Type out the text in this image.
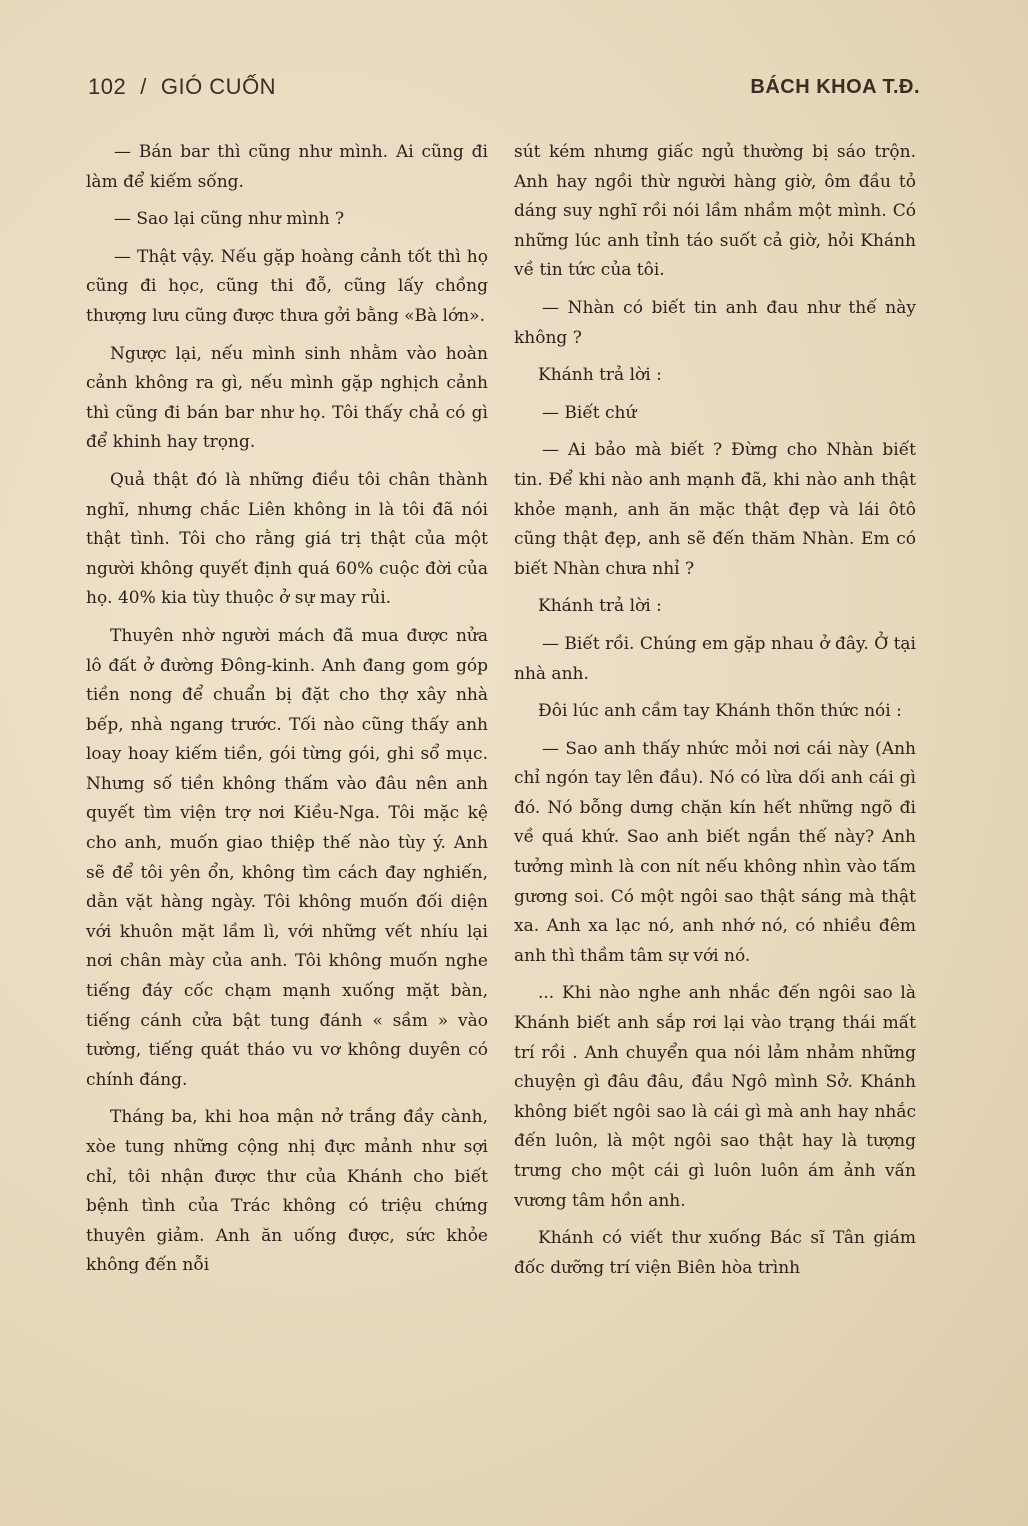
102 / GIÓ CUỐN	BÁCH KHOA T.Đ.

— Bán bar thì cũng như mình. Ai cũng đi làm để kiếm sống.

— Sao lại cũng như mình ?

— Thật vậy. Nếu gặp hoàng cảnh tốt thì họ cũng đi học, cũng thi đỗ, cũng lấy chồng thượng lưu cũng được thưa gởi bằng «Bà lớn».

Ngược lại, nếu mình sinh nhằm vào hoàn cảnh không ra gì, nếu mình gặp nghịch cảnh thì cũng đi bán bar như họ. Tôi thấy chả có gì để khinh hay trọng.

Quả thật đó là những điều tôi chân thành nghĩ, nhưng chắc Liên không in là tôi đã nói thật tình. Tôi cho rằng giá trị thật của một người không quyết định quá 60% cuộc đời của họ. 40% kia tùy thuộc ở sự may rủi.

Thuyên nhờ người mách đã mua được nửa lô đất ở đường Đông-kinh. Anh đang gom góp tiền nong để chuẩn bị đặt cho thợ xây nhà bếp, nhà ngang trước. Tối nào cũng thấy anh loay hoay kiếm tiền, gói từng gói, ghi sổ mục. Nhưng số tiền không thấm vào đâu nên anh quyết tìm viện trợ nơi Kiều-Nga. Tôi mặc kệ cho anh, muốn giao thiệp thế nào tùy ý. Anh sẽ để tôi yên ổn, không tìm cách đay nghiến, dằn vặt hàng ngày. Tôi không muốn đối diện với khuôn mặt lầm lì, với những vết nhíu lại nơi chân mày của anh. Tôi không muốn nghe tiếng đáy cốc chạm mạnh xuống mặt bàn, tiếng cánh cửa bật tung đánh « sầm » vào tường, tiếng quát tháo vu vơ không duyên có chính đáng.

Tháng ba, khi hoa mận nở trắng đầy cành, xòe tung những cộng nhị đực mảnh như sợi chỉ, tôi nhận được thư của Khánh cho biết bệnh tình của Trác không có triệu chứng thuyên giảm. Anh ăn uống được, sức khỏe không đến nỗi

sút kém nhưng giấc ngủ thường bị sáo trộn. Anh hay ngồi thừ người hàng giờ, ôm đầu tỏ dáng suy nghĩ rồi nói lầm nhầm một mình. Có những lúc anh tỉnh táo suốt cả giờ, hỏi Khánh về tin tức của tôi.

— Nhàn có biết tin anh đau như thế này không ?

Khánh trả lời :

— Biết chứ

— Ai bảo mà biết ? Đừng cho Nhàn biết tin. Để khi nào anh mạnh đã, khi nào anh thật khỏe mạnh, anh ăn mặc thật đẹp và lái ôtô cũng thật đẹp, anh sẽ đến thăm Nhàn. Em có biết Nhàn chưa nhỉ ?

Khánh trả lời :

— Biết rồi. Chúng em gặp nhau ở đây. Ở tại nhà anh.

Đôi lúc anh cầm tay Khánh thõn thức nói :

— Sao anh thấy nhức mỏi nơi cái này (Anh chỉ ngón tay lên đầu). Nó có lừa dối anh cái gì đó. Nó bỗng dưng chặn kín hết những ngõ đi về quá khứ. Sao anh biết ngắn thế này? Anh tưởng mình là con nít nếu không nhìn vào tấm gương soi. Có một ngôi sao thật sáng mà thật xa. Anh xa lạc nó, anh nhớ nó, có nhiều đêm anh thì thầm tâm sự với nó.

... Khi nào nghe anh nhắc đến ngôi sao là Khánh biết anh sắp rơi lại vào trạng thái mất trí rồi . Anh chuyển qua nói lảm nhảm những chuyện gì đâu đâu, đầu Ngô mình Sở. Khánh không biết ngôi sao là cái gì mà anh hay nhắc đến luôn, là một ngôi sao thật hay là tượng trưng cho một cái gì luôn luôn ám ảnh vấn vương tâm hồn anh.

Khánh có viết thư xuống Bác sĩ Tân giám đốc dưỡng trí viện Biên hòa trình
